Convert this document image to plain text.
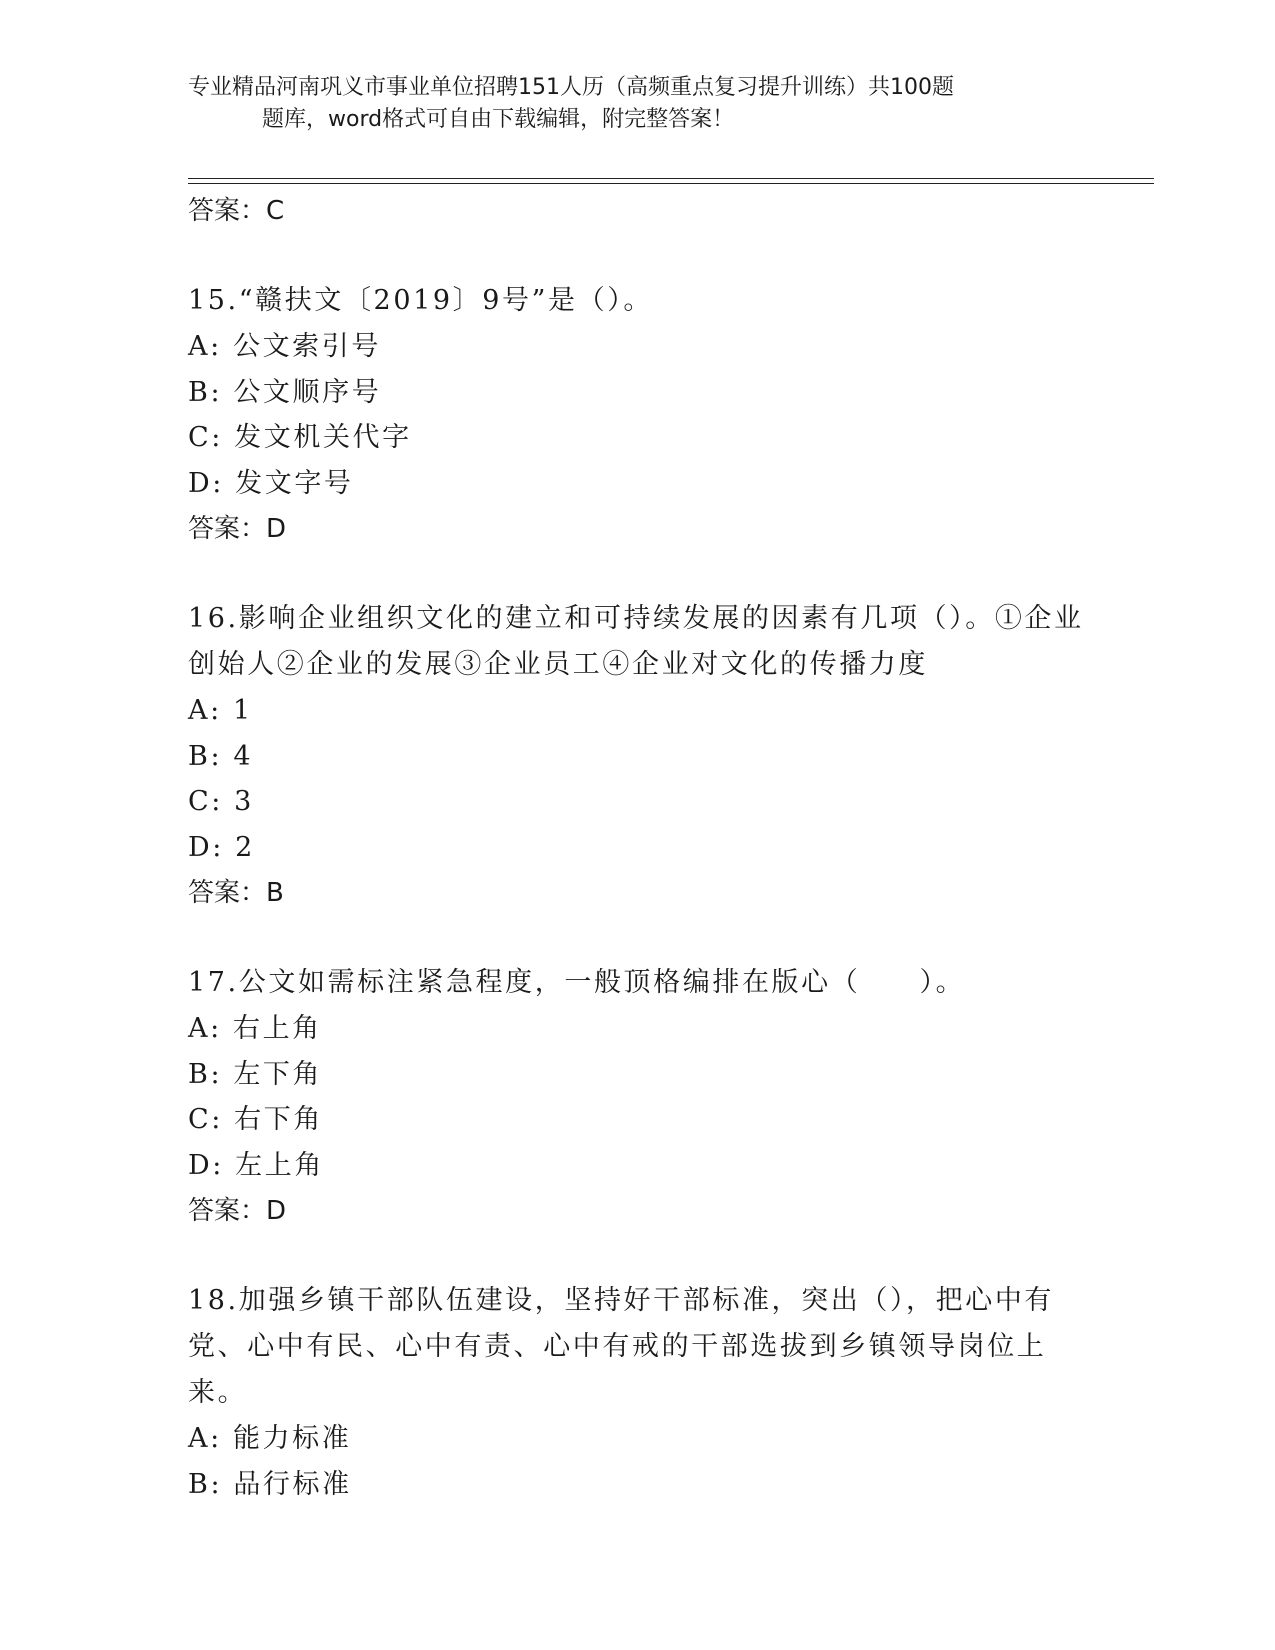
专业精品河南巩义市事业单位招聘151人历（高频重点复习提升训练）共100题
题库，word格式可自由下载编辑，附完整答案！
答案：C
15.“赣扶文〔2019〕9号”是（）。
A: 公文索引号
B: 公文顺序号
C: 发文机关代字
D: 发文字号
答案：D
16.影响企业组织文化的建立和可持续发展的因素有几项（）。①企业创始人②企业的发展③企业员工④企业对文化的传播力度
A: 1
B: 4
C: 3
D: 2
答案：B
17.公文如需标注紧急程度，一般顶格编排在版心（　　）。
A: 右上角
B: 左下角
C: 右下角
D: 左上角
答案：D
18.加强乡镇干部队伍建设，坚持好干部标准，突出（），把心中有党、心中有民、心中有责、心中有戒的干部选拔到乡镇领导岗位上来。
A: 能力标准
B: 品行标准
